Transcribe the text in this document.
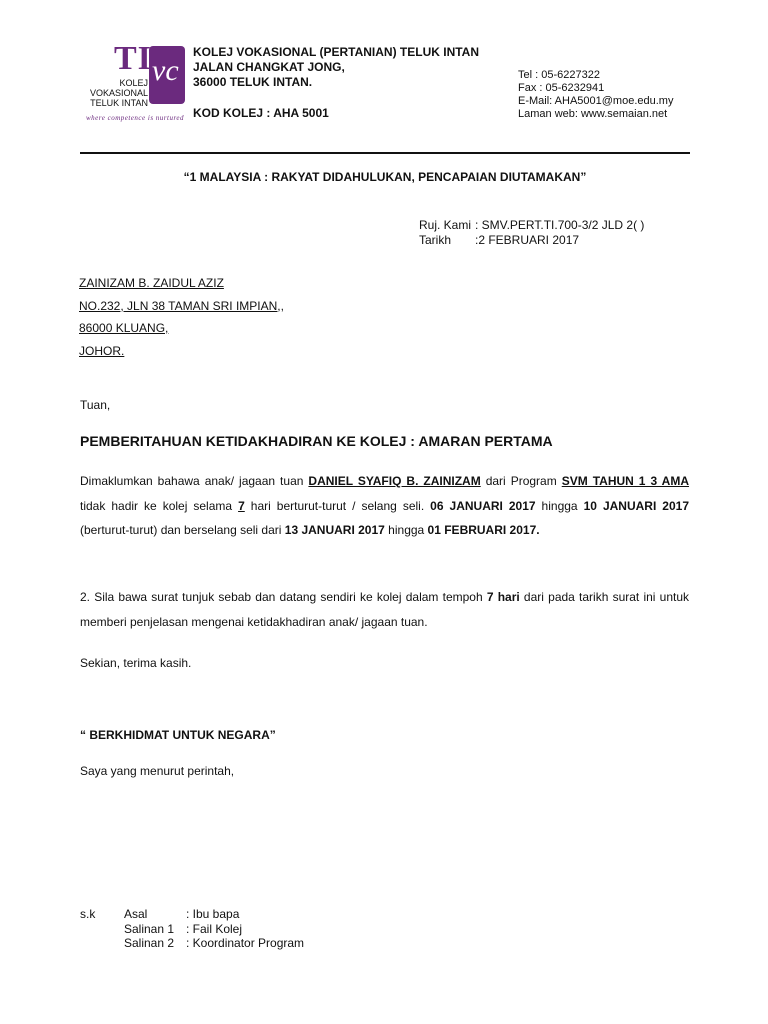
vc
TI
KOLEJ
VOKASIONAL
TELUK INTAN
where competence is nurtured
KOLEJ VOKASIONAL (PERTANIAN) TELUK INTAN
JALAN CHANGKAT JONG,
36000 TELUK INTAN.
KOD KOLEJ : AHA 5001
Tel : 05-6227322
Fax : 05-6232941
E-Mail: AHA5001@moe.edu.my
Laman web: www.semaian.net
“1 MALAYSIA : RAKYAT DIDAHULUKAN, PENCAPAIAN DIUTAMAKAN”
Ruj. Kami : SMV.PERT.TI.700-3/2 JLD 2( )
Tarikh :2 FEBRUARI 2017
ZAINIZAM B. ZAIDUL AZIZ
NO.232, JLN 38 TAMAN SRI IMPIAN,,
86000 KLUANG,
JOHOR.
Tuan,
PEMBERITAHUAN KETIDAKHADIRAN KE KOLEJ : AMARAN PERTAMA
Dimaklumkan bahawa anak/ jagaan tuan DANIEL SYAFIQ B. ZAINIZAM dari Program SVM TAHUN 1 3 AMA tidak hadir ke kolej selama 7 hari berturut-turut / selang seli. 06 JANUARI 2017 hingga 10 JANUARI 2017 (berturut-turut) dan berselang seli dari 13 JANUARI 2017 hingga 01 FEBRUARI 2017.
2. Sila bawa surat tunjuk sebab dan datang sendiri ke kolej dalam tempoh 7 hari dari pada tarikh surat ini untuk memberi penjelasan mengenai ketidakhadiran anak/ jagaan tuan.
Sekian, terima kasih.
“ BERKHIDMAT UNTUK NEGARA”
Saya yang menurut perintah,
s.k Asal	: Ibu bapa
Salinan 1 : Fail Kolej
Salinan 2 : Koordinator Program
